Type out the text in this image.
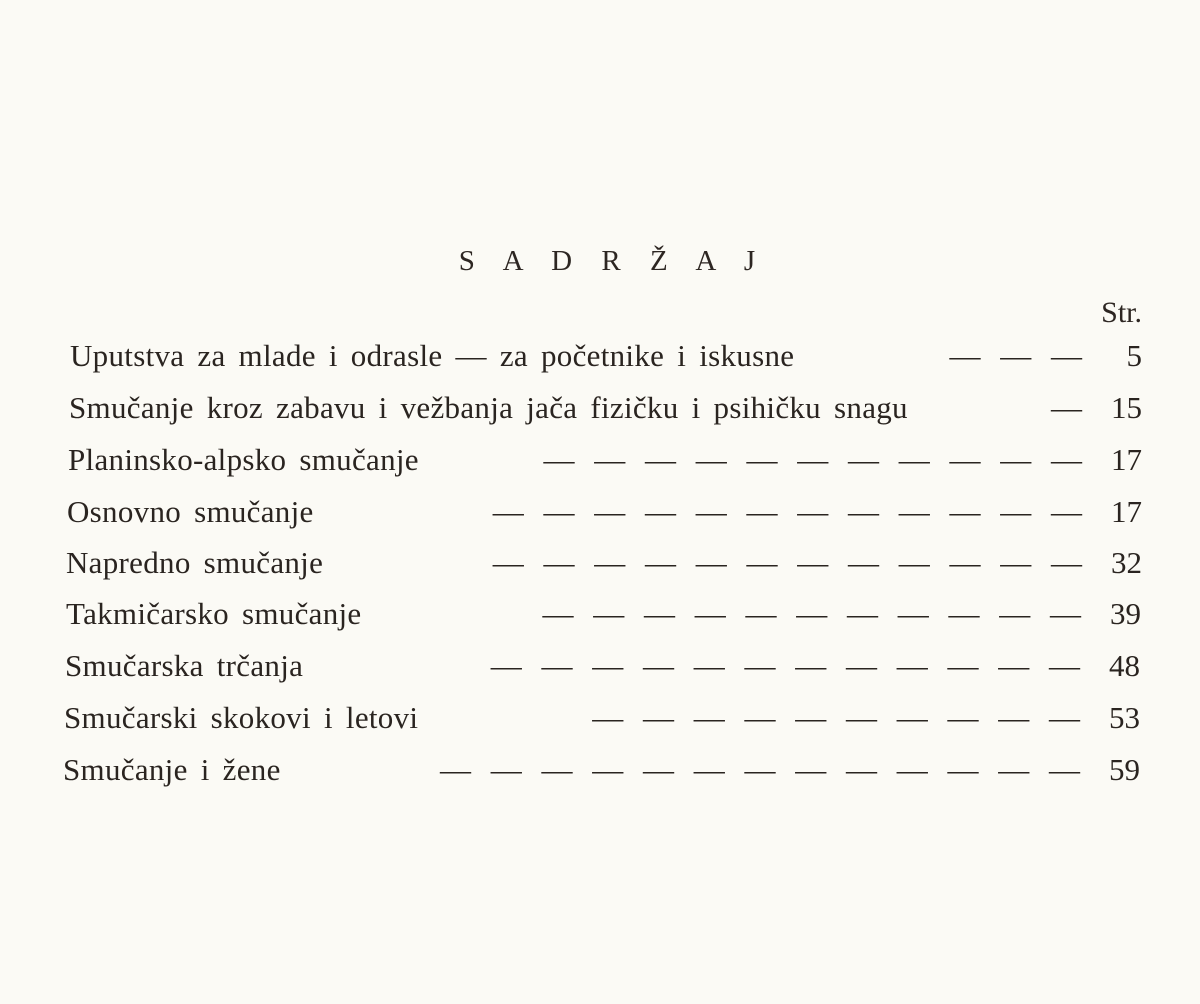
S A D R Ž A J
Str.
Uputstva za mlade i odrasle — za početnike i iskusne	— — —	5
Smučanje kroz zabavu i vežbanja jača fizičku i psihičku snagu	— 15
Planinsko-alpsko smučanje	— — — — — — — — — — — 17
Osnovno smučanje	— — — — — — — — — — — — 17
Napredno smučanje	— — — — — — — — — — — — 32
Takmičarsko smučanje	— — — — — — — — — — — 39
Smučarska trčanja	— — — — — — — — — — — — 48
Smučarski skokovi i letovi	— — — — — — — — — — 53
Smučanje i žene	— — — — — — — — — — — — — 59
